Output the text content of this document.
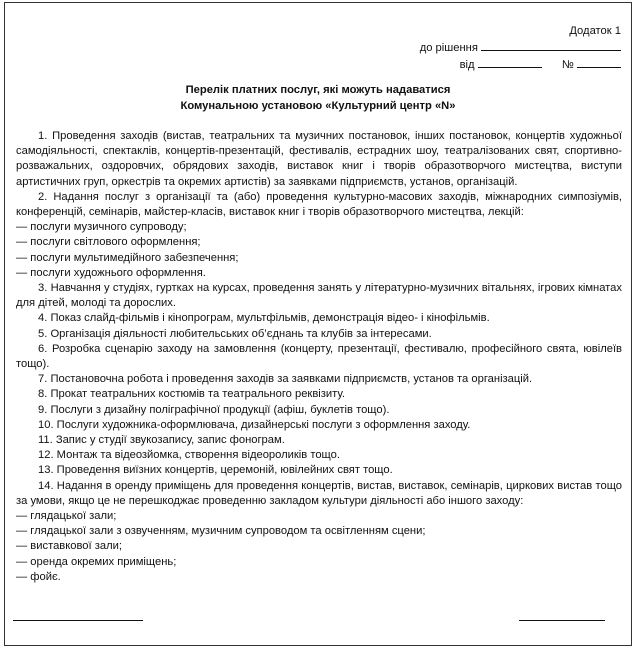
Додаток 1
до рішення
від	№
Перелік платних послуг, які можуть надаватися
Комунальною установою «Культурний центр «N»

1. Проведення заходів (вистав, театральних та музичних постановок, інших постановок, концертів художньої самодіяльності, спектаклів, концертів-презентацій, фестивалів, естрадних шоу, театралізованих свят, спортивно-розважальних, оздоровчих, обрядових заходів, виставок книг і творів образотворчого мистецтва, виступи артистичних груп, оркестрів та окремих артистів) за заявками підприємств, установ, організацій.

2. Надання послуг з організації та (або) проведення культурно-масових заходів, міжнародних симпозіумів, конференцій, семінарів, майстер-класів, виставок книг і творів образотворчого мистецтва, лекцій:

— послуги музичного супроводу;

— послуги світлового оформлення;

— послуги мультимедійного забезпечення;

— послуги художнього оформлення.

3. Навчання у студіях, гуртках на курсах, проведення занять у літературно-музичних вітальнях, ігрових кімнатах для дітей, молоді та дорослих.

4. Показ слайд-фільмів і кінопрограм, мультфільмів, демонстрація відео- і кінофільмів.

5. Організація діяльності любительських об’єднань та клубів за інтересами.

6. Розробка сценарію заходу на замовлення (концерту, презентації, фестивалю, професійного свята, ювілеїв тощо).

7. Постановочна робота і проведення заходів за заявками підприємств, установ та організацій.

8. Прокат театральних костюмів та театрального реквізиту.

9. Послуги з дизайну поліграфічної продукції (афіш, буклетів тощо).

10. Послуги художника-оформлювача, дизайнерські послуги з оформлення заходу.

11. Запис у студії звукозапису, запис фонограм.

12. Монтаж та відеозйомка, створення відеороликів тощо.

13. Проведення виїзних концертів, церемоній, ювілейних свят тощо.

14. Надання в оренду приміщень для проведення концертів, вистав, виставок, семінарів, циркових вистав тощо за умови, якщо це не перешкоджає проведенню закладом культури діяльності або іншого заходу:

— глядацької зали;

— глядацької зали з озвученням, музичним супроводом та освітленням сцени;

— виставкової зали;

— оренда окремих приміщень;

— фойє.
